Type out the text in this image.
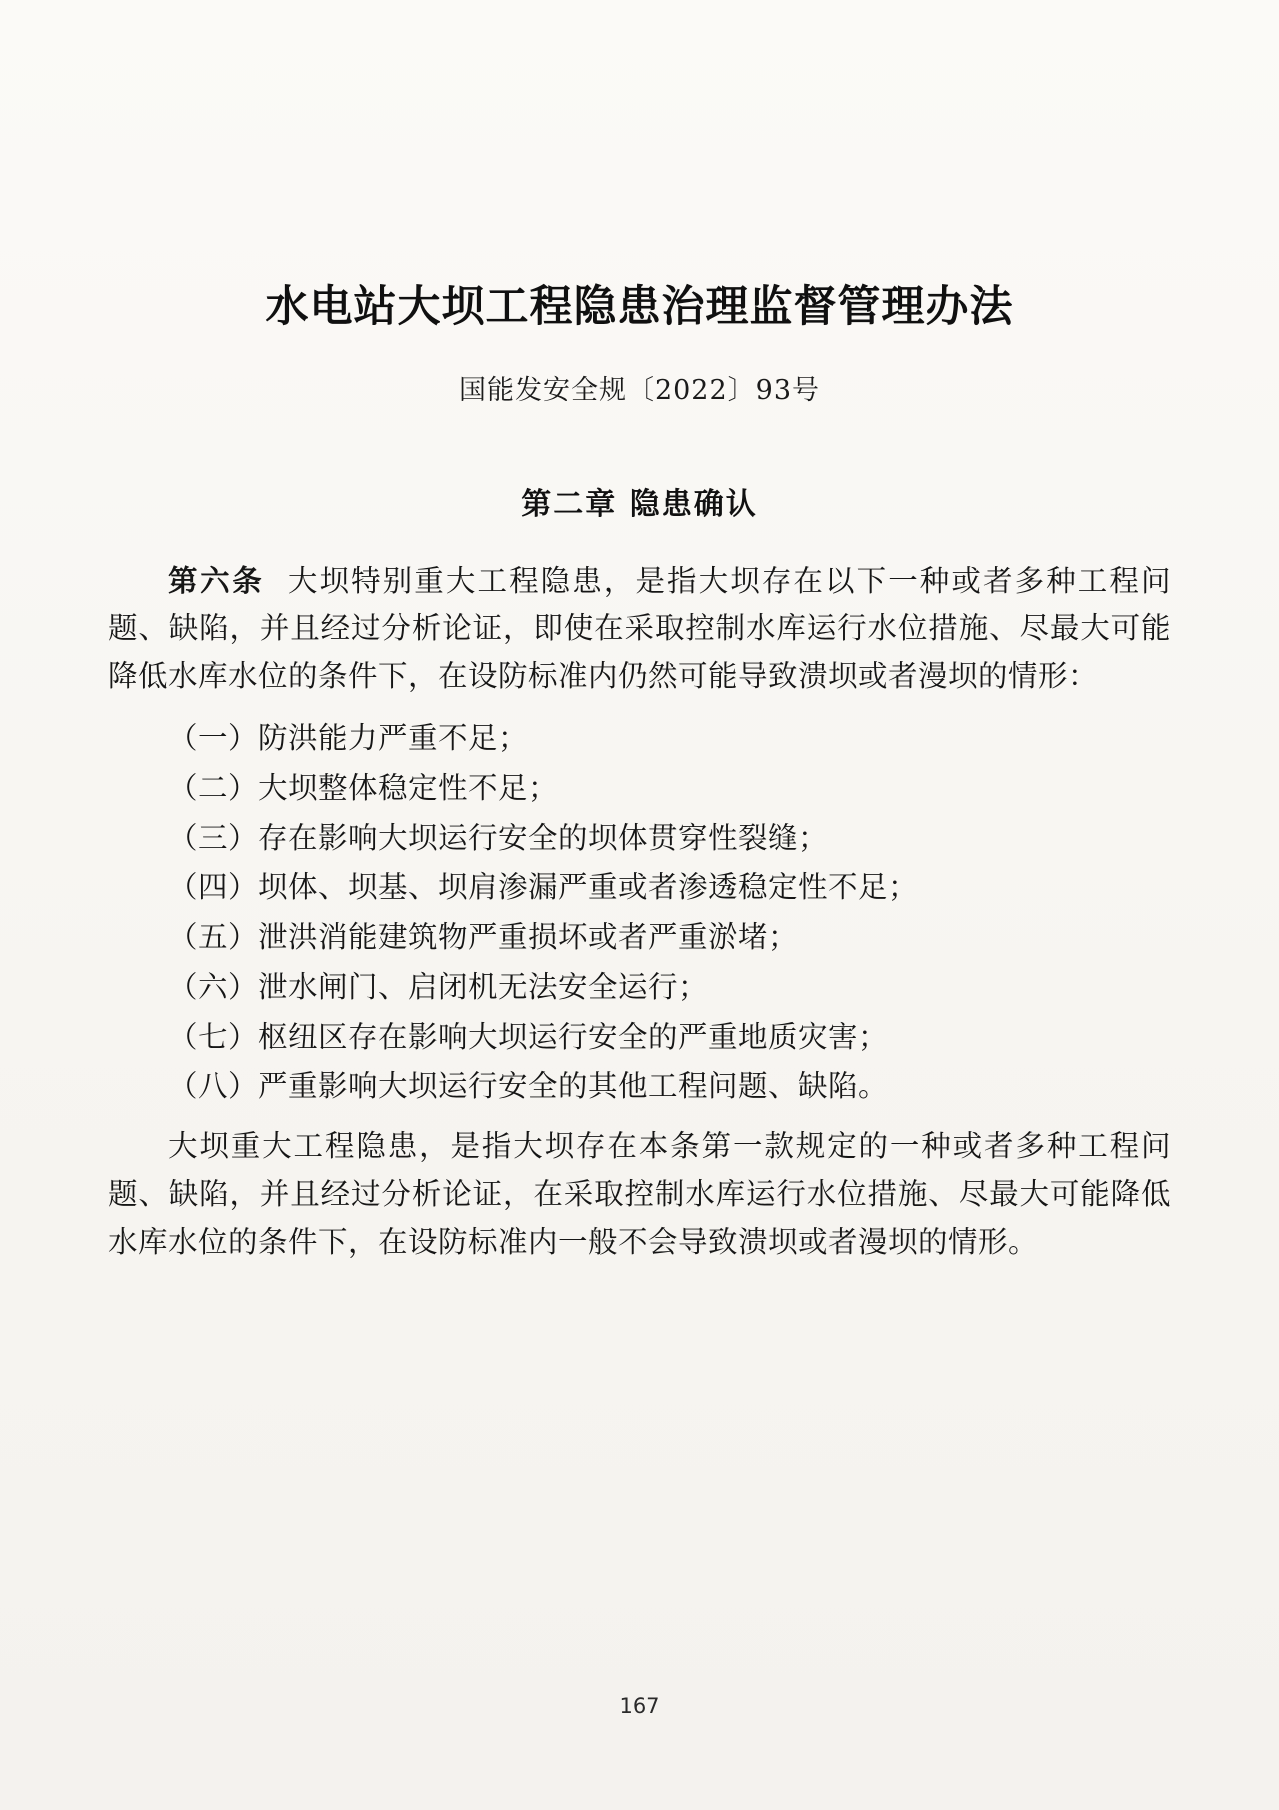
水电站大坝工程隐患治理监督管理办法
国能发安全规〔2022〕93号
第二章 隐患确认

第六条 大坝特别重大工程隐患，是指大坝存在以下一种或者多种工程问题、缺陷，并且经过分析论证，即使在采取控制水库运行水位措施、尽最大可能降低水库水位的条件下，在设防标准内仍然可能导致溃坝或者漫坝的情形：

（一）防洪能力严重不足；

（二）大坝整体稳定性不足；

（三）存在影响大坝运行安全的坝体贯穿性裂缝；

（四）坝体、坝基、坝肩渗漏严重或者渗透稳定性不足；

（五）泄洪消能建筑物严重损坏或者严重淤堵；

（六）泄水闸门、启闭机无法安全运行；

（七）枢纽区存在影响大坝运行安全的严重地质灾害；

（八）严重影响大坝运行安全的其他工程问题、缺陷。

大坝重大工程隐患，是指大坝存在本条第一款规定的一种或者多种工程问题、缺陷，并且经过分析论证，在采取控制水库运行水位措施、尽最大可能降低水库水位的条件下，在设防标准内一般不会导致溃坝或者漫坝的情形。

167
